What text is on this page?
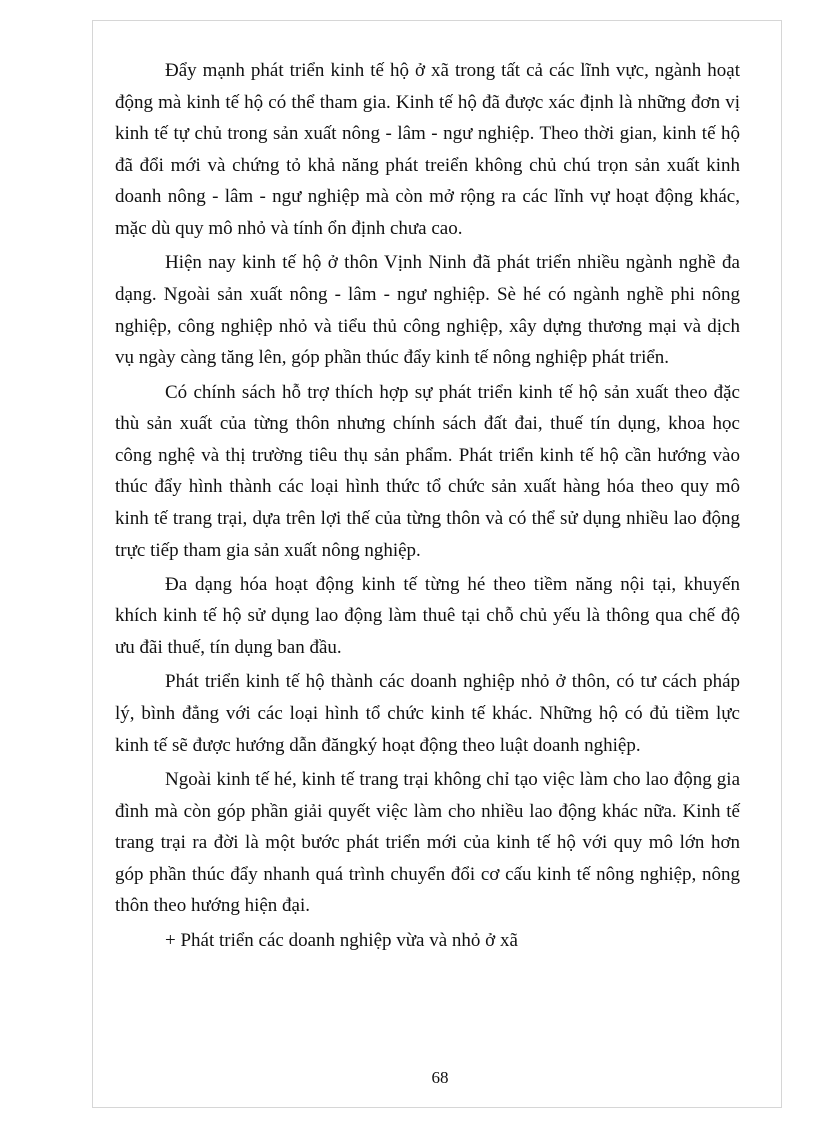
Đẩy mạnh phát triển kinh tế hộ ở xã trong tất cả các lĩnh vực, ngành hoạt động mà kinh tế hộ có thể tham gia. Kinh tế hộ đã được xác định là những đơn vị kinh tế tự chủ trong sản xuất nông - lâm - ngư nghiệp. Theo thời gian, kinh tế hộ đã đổi mới và chứng tỏ khả năng phát treiển không chủ chú trọn sản xuất kinh doanh nông - lâm - ngư nghiệp mà còn mở rộng ra các lĩnh vự hoạt động khác, mặc dù quy mô nhỏ và tính ổn định chưa cao.

Hiện nay kinh tế hộ ở thôn Vịnh Ninh đã phát triển nhiều ngành nghề đa dạng. Ngoài sản xuất nông - lâm - ngư nghiệp. Sè hé có ngành nghề phi nông nghiệp, công nghiệp nhỏ và tiểu thủ công nghiệp, xây dựng thương mại và dịch vụ ngày càng tăng lên, góp phần thúc đẩy kinh tế nông nghiệp phát triển.

Có chính sách hỗ trợ thích hợp sự phát triển kinh tế hộ sản xuất theo đặc thù sản xuất của từng thôn nhưng chính sách đất đai, thuế tín dụng, khoa học công nghệ và thị trường tiêu thụ sản phẩm. Phát triển kinh tế hộ cần hướng vào thúc đẩy hình thành các loại hình thức tổ chức sản xuất hàng hóa theo quy mô kinh tế trang trại, dựa trên lợi thế của từng thôn và có thể sử dụng nhiều lao động trực tiếp tham gia sản xuất nông nghiệp.

Đa dạng hóa hoạt động kinh tế từng hé theo tiềm năng nội tại, khuyến khích kinh tế hộ sử dụng lao động làm thuê tại chỗ chủ yếu là thông qua chế độ ưu đãi thuế, tín dụng ban đầu.

Phát triển kinh tế hộ thành các doanh nghiệp nhỏ ở thôn, có tư cách pháp lý, bình đẳng với các loại hình tổ chức kinh tế khác. Những hộ có đủ tiềm lực kinh tế sẽ được hướng dẫn đăngký hoạt động theo luật doanh nghiệp.

Ngoài kinh tế hé, kinh tế trang trại không chỉ tạo việc làm cho lao động gia đình mà còn góp phần giải quyết việc làm cho nhiều lao động khác nữa. Kinh tế trang trại ra đời là một bước phát triển mới của kinh tế hộ với quy mô lớn hơn góp phần thúc đẩy nhanh quá trình chuyển đổi cơ cấu kinh tế nông nghiệp, nông thôn theo hướng hiện đại.

+ Phát triển các doanh nghiệp vừa và nhỏ ở xã

68
